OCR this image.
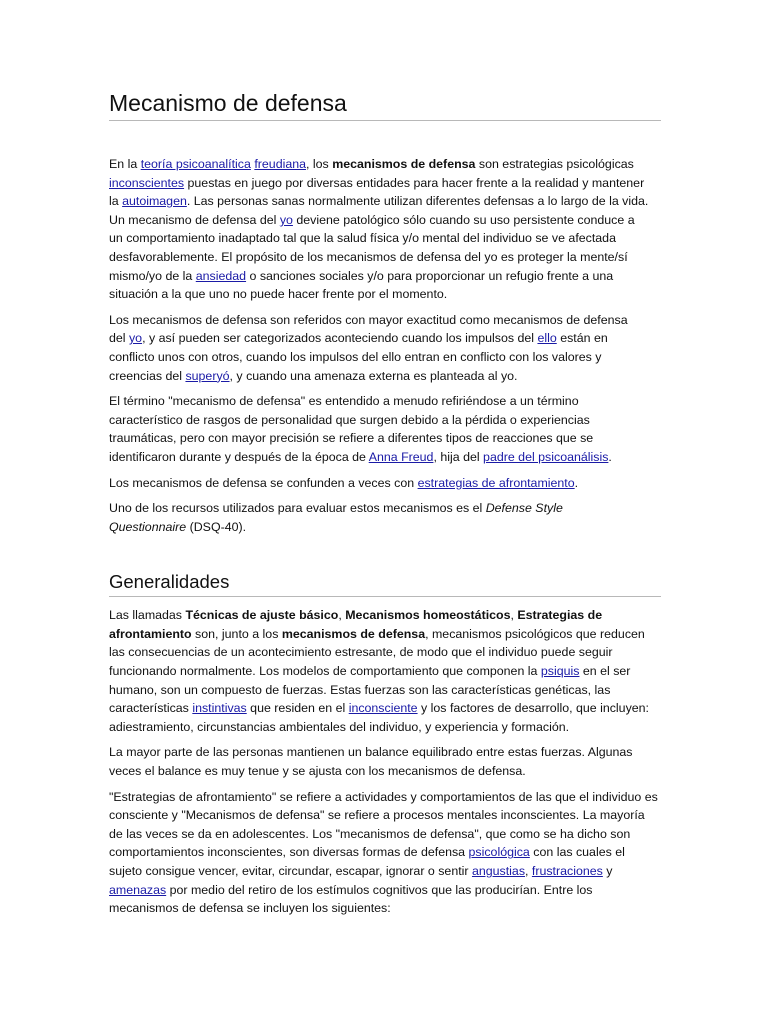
Mecanismo de defensa

En la teoría psicoanalítica freudiana, los mecanismos de defensa son estrategias psicológicas inconscientes puestas en juego por diversas entidades para hacer frente a la realidad y mantener la autoimagen. Las personas sanas normalmente utilizan diferentes defensas a lo largo de la vida. Un mecanismo de defensa del yo deviene patológico sólo cuando su uso persistente conduce a un comportamiento inadaptado tal que la salud física y/o mental del individuo se ve afectada desfavorablemente. El propósito de los mecanismos de defensa del yo es proteger la mente/sí mismo/yo de la ansiedad o sanciones sociales y/o para proporcionar un refugio frente a una situación a la que uno no puede hacer frente por el momento.

Los mecanismos de defensa son referidos con mayor exactitud como mecanismos de defensa del yo, y así pueden ser categorizados aconteciendo cuando los impulsos del ello están en conflicto unos con otros, cuando los impulsos del ello entran en conflicto con los valores y creencias del superyó, y cuando una amenaza externa es planteada al yo.

El término "mecanismo de defensa" es entendido a menudo refiriéndose a un término característico de rasgos de personalidad que surgen debido a la pérdida o experiencias traumáticas, pero con mayor precisión se refiere a diferentes tipos de reacciones que se identificaron durante y después de la época de Anna Freud, hija del padre del psicoanálisis.

Los mecanismos de defensa se confunden a veces con estrategias de afrontamiento.

Uno de los recursos utilizados para evaluar estos mecanismos es el Defense Style Questionnaire (DSQ-40).

Generalidades

Las llamadas Técnicas de ajuste básico, Mecanismos homeostáticos, Estrategias de afrontamiento son, junto a los mecanismos de defensa, mecanismos psicológicos que reducen las consecuencias de un acontecimiento estresante, de modo que el individuo puede seguir funcionando normalmente. Los modelos de comportamiento que componen la psiquis en el ser humano, son un compuesto de fuerzas. Estas fuerzas son las características genéticas, las características instintivas que residen en el inconsciente y los factores de desarrollo, que incluyen: adiestramiento, circunstancias ambientales del individuo, y experiencia y formación.

La mayor parte de las personas mantienen un balance equilibrado entre estas fuerzas. Algunas veces el balance es muy tenue y se ajusta con los mecanismos de defensa.

"Estrategias de afrontamiento" se refiere a actividades y comportamientos de las que el individuo es consciente y "Mecanismos de defensa" se refiere a procesos mentales inconscientes. La mayoría de las veces se da en adolescentes. Los "mecanismos de defensa", que como se ha dicho son comportamientos inconscientes, son diversas formas de defensa psicológica con las cuales el sujeto consigue vencer, evitar, circundar, escapar, ignorar o sentir angustias, frustraciones y amenazas por medio del retiro de los estímulos cognitivos que las producirían. Entre los mecanismos de defensa se incluyen los siguientes:
